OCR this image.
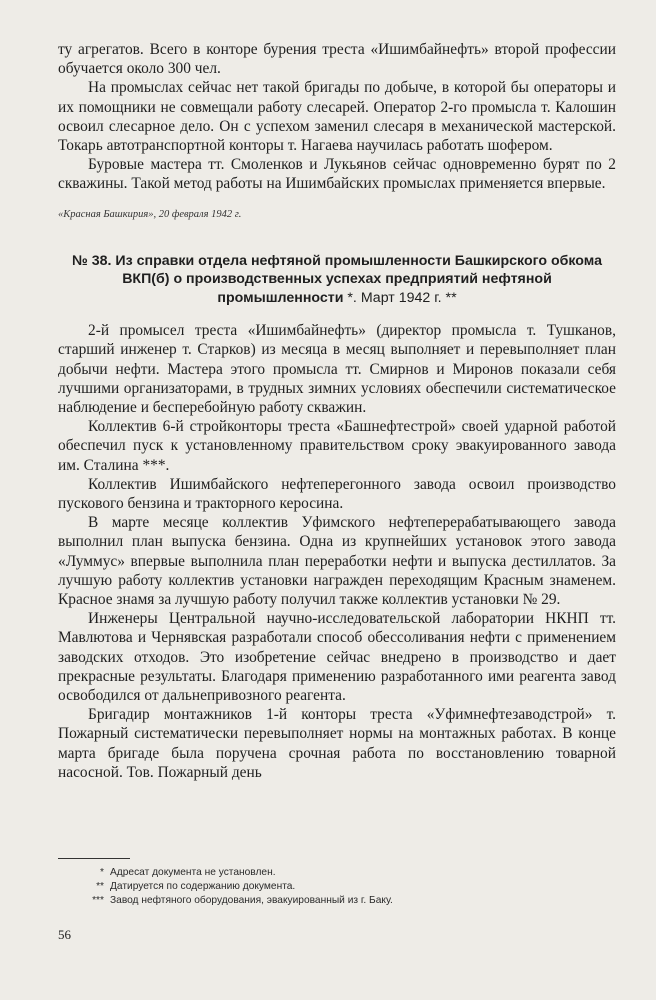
ту агрегатов. Всего в конторе бурения треста «Ишимбайнефть» второй профессии обучается около 300 чел.

На промыслах сейчас нет такой бригады по добыче, в которой бы операторы и их помощники не совмещали работу слесарей. Оператор 2-го промысла т. Калошин освоил слесарное дело. Он с успехом заменил слесаря в механической мастерской. Токарь автотранспортной конторы т. Нагаева научилась работать шофером.

Буровые мастера тт. Смоленков и Лукьянов сейчас одновременно бурят по 2 скважины. Такой метод работы на Ишимбайских промыслах применяется впервые.

«Красная Башкирия», 20 февраля 1942 г.

№ 38. Из справки отдела нефтяной промышленности Башкирского обкома ВКП(б) о производственных успехах предприятий нефтяной промышленности *. Март 1942 г. **

2-й промысел треста «Ишимбайнефть» (директор промысла т. Тушканов, старший инженер т. Старков) из месяца в месяц выполняет и перевыполняет план добычи нефти. Мастера этого промысла тт. Смирнов и Миронов показали себя лучшими организаторами, в трудных зимних условиях обеспечили систематическое наблюдение и бесперебойную работу скважин.

Коллектив 6-й стройконторы треста «Башнефтестрой» своей ударной работой обеспечил пуск к установленному правительством сроку эвакуированного завода им. Сталина ***.

Коллектив Ишимбайского нефтеперегонного завода освоил производство пускового бензина и тракторного керосина.

В марте месяце коллектив Уфимского нефтеперерабатывающего завода выполнил план выпуска бензина. Одна из крупнейших установок этого завода «Луммус» впервые выполнила план переработки нефти и выпуска дестиллатов. За лучшую работу коллектив установки награжден переходящим Красным знаменем. Красное знамя за лучшую работу получил также коллектив установки № 29.

Инженеры Центральной научно-исследовательской лаборатории НКНП тт. Мавлютова и Чернявская разработали способ обессоливания нефти с применением заводских отходов. Это изобретение сейчас внедрено в производство и дает прекрасные результаты. Благодаря применению разработанного ими реагента завод освободился от дальнепривозного реагента.

Бригадир монтажников 1-й конторы треста «Уфимнефтезаводстрой» т. Пожарный систематически перевыполняет нормы на монтажных работах. В конце марта бригаде была поручена срочная работа по восстановлению товарной насосной. Тов. Пожарный день

* Адресат документа не установлен.
** Датируется по содержанию документа.
*** Завод нефтяного оборудования, эвакуированный из г. Баку.
56
